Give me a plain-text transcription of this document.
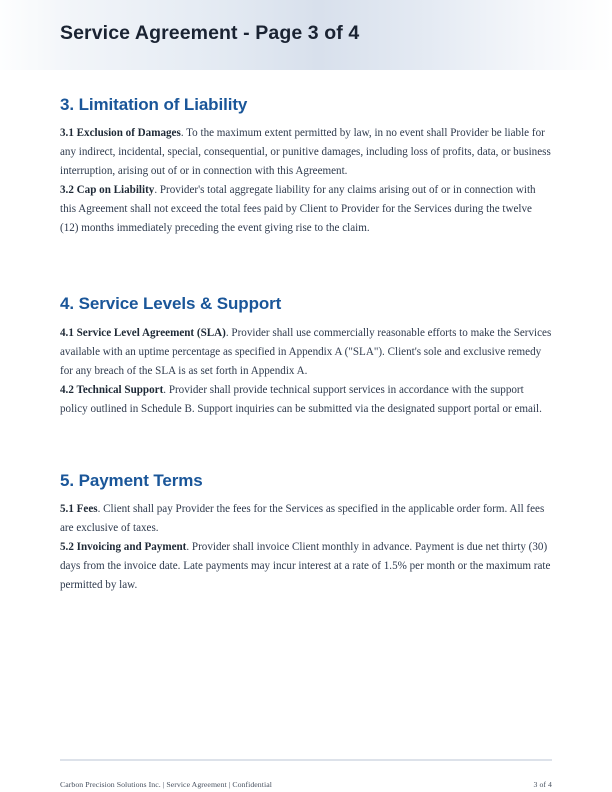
Service Agreement - Page 3 of 4
3. Limitation of Liability

3.1 Exclusion of Damages. To the maximum extent permitted by law, in no event shall Provider be liable for any indirect, incidental, special, consequential, or punitive damages, including loss of profits, data, or business interruption, arising out of or in connection with this Agreement.

3.2 Cap on Liability. Provider's total aggregate liability for any claims arising out of or in connection with this Agreement shall not exceed the total fees paid by Client to Provider for the Services during the twelve (12) months immediately preceding the event giving rise to the claim.

4. Service Levels & Support

4.1 Service Level Agreement (SLA). Provider shall use commercially reasonable efforts to make the Services available with an uptime percentage as specified in Appendix A ("SLA"). Client's sole and exclusive remedy for any breach of the SLA is as set forth in Appendix A.

4.2 Technical Support. Provider shall provide technical support services in accordance with the support policy outlined in Schedule B. Support inquiries can be submitted via the designated support portal or email.

5. Payment Terms

5.1 Fees. Client shall pay Provider the fees for the Services as specified in the applicable order form. All fees are exclusive of taxes.

5.2 Invoicing and Payment. Provider shall invoice Client monthly in advance. Payment is due net thirty (30) days from the invoice date. Late payments may incur interest at a rate of 1.5% per month or the maximum rate permitted by law.

Carbon Precision Solutions Inc. | Service Agreement | Confidential	3 of 4
